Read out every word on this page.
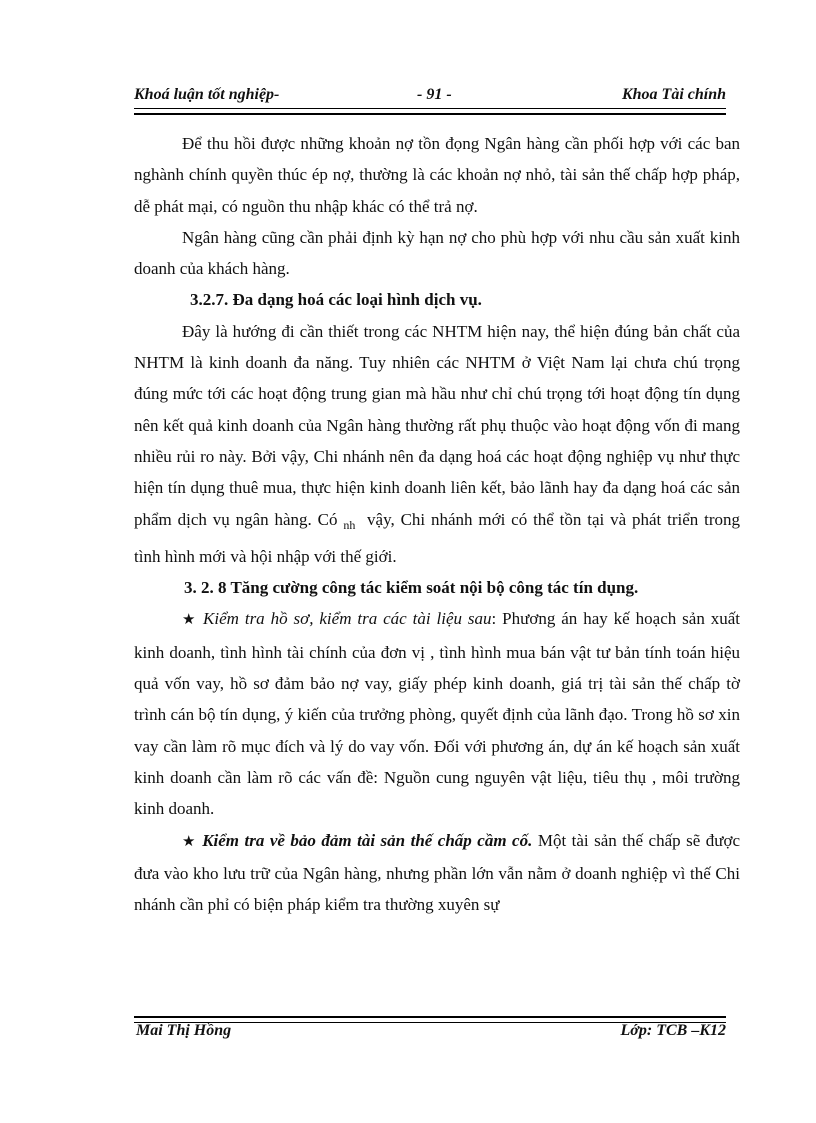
Khoá luận tốt nghiệp-	- 91 -	Khoa Tài chính

Để thu hồi được những khoản nợ tồn đọng Ngân hàng cần phối hợp với các ban nghành chính quyền thúc ép nợ, thường là các khoản nợ nhỏ, tài sản thế chấp hợp pháp, dễ phát mại, có nguồn thu nhập khác có thể trả nợ.

Ngân hàng cũng cần phải định kỳ hạn nợ cho phù hợp với nhu cầu sản xuất kinh doanh của khách hàng.

3.2.7. Đa dạng hoá các loại hình dịch vụ.

Đây là hướng đi cần thiết trong các NHTM hiện nay, thể hiện đúng bản chất của NHTM là kinh doanh đa năng. Tuy nhiên các NHTM ở Việt Nam lại chưa chú trọng đúng mức tới các hoạt động trung gian mà hầu như chỉ chú trọng tới hoạt động tín dụng nên kết quả kinh doanh của Ngân hàng thường rất phụ thuộc vào hoạt động vốn đi mang nhiều rủi ro này. Bởi vậy, Chi nhánh nên đa dạng hoá các hoạt động nghiệp vụ như thực hiện tín dụng thuê mua, thực hiện kinh doanh liên kết, bảo lãnh hay đa dạng hoá các sản phẩm dịch vụ ngân hàng. Có $_{nh}$ vậy, Chi nhánh mới có thể tồn tại và phát triển trong tình hình mới và hội nhập với thế giới.

3. 2. 8 Tăng cường công tác kiểm soát nội bộ công tác tín dụng.

★ Kiểm tra hồ sơ, kiểm tra các tài liệu sau: Phương án hay kế hoạch sản xuất kinh doanh, tình hình tài chính của đơn vị , tình hình mua bán vật tư bản tính toán hiệu quả vốn vay, hồ sơ đảm bảo nợ vay, giấy phép kinh doanh, giá trị tài sản thế chấp tờ trình cán bộ tín dụng, ý kiến của trưởng phòng, quyết định của lãnh đạo. Trong hồ sơ xin vay cần làm rõ mục đích và lý do vay vốn. Đối với phương án, dự án kế hoạch sản xuất kinh doanh cần làm rõ các vấn đề: Nguồn cung nguyên vật liệu, tiêu thụ , môi trường kinh doanh.

★ Kiểm tra về bảo đảm tài sản thế chấp cầm cố. Một tài sản thế chấp sẽ được đưa vào kho lưu trữ của Ngân hàng, nhưng phần lớn vẫn nằm ở doanh nghiệp vì thế Chi nhánh cần phỉ có biện pháp kiểm tra thường xuyên sự

Mai Thị Hồng	Lớp: TCB –K12
